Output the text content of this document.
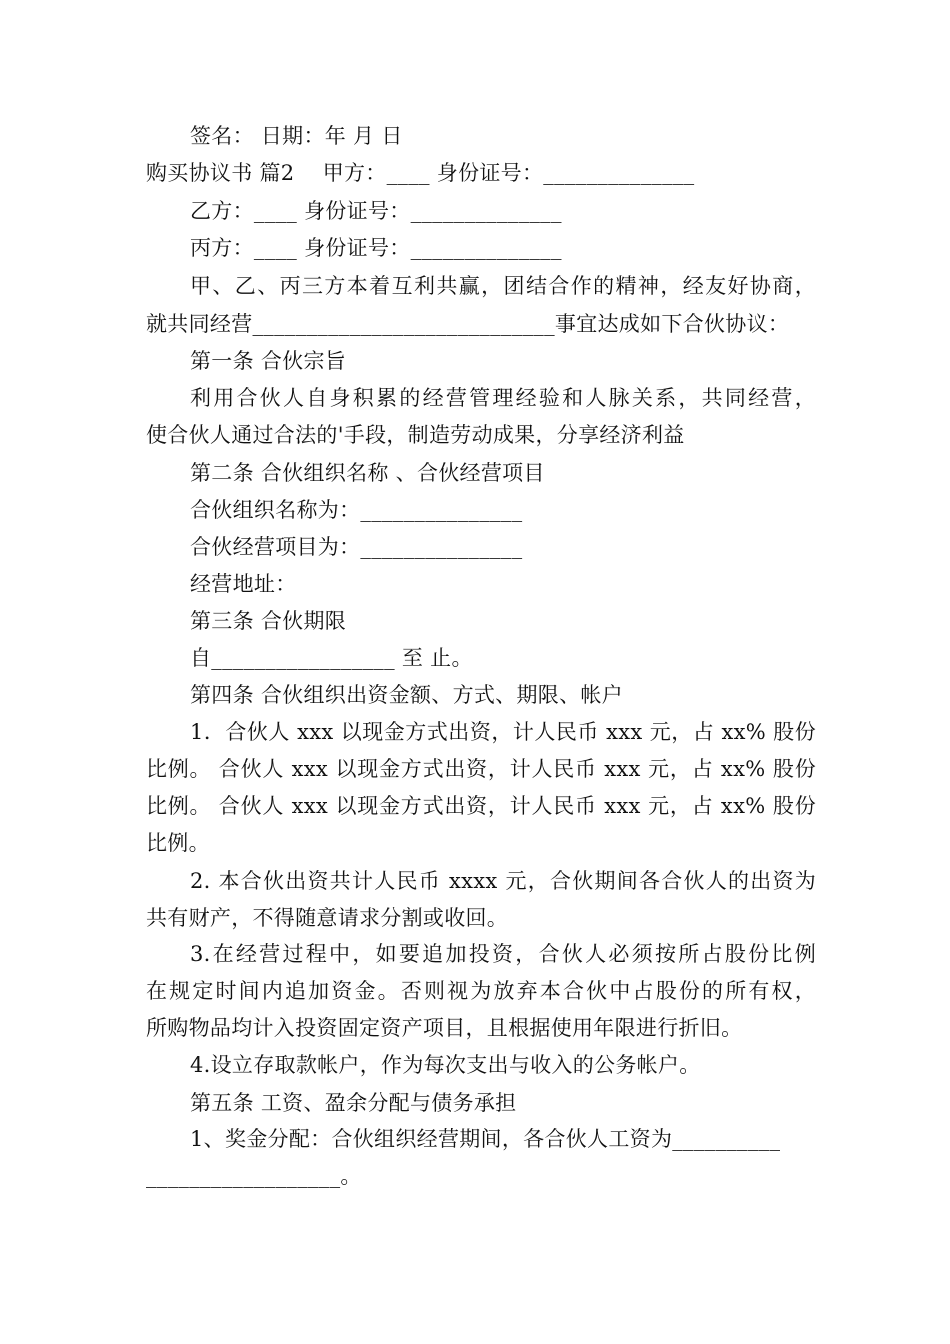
签名： 日期：年 月 日
购买协议书 篇2 　甲方：____ 身份证号：______________
乙方：____ 身份证号：______________
丙方：____ 身份证号：______________
甲、乙、丙三方本着互利共赢，团结合作的精神，经友好协商，
就共同经营____________________________事宜达成如下合伙协议：
第一条 合伙宗旨
利用合伙人自身积累的经营管理经验和人脉关系，共同经营，
使合伙人通过合法的'手段，制造劳动成果，分享经济利益
第二条 合伙组织名称 、合伙经营项目
合伙组织名称为：_______________
合伙经营项目为：_______________
经营地址：
第三条 合伙期限
自_________________ 至 止。
第四条 合伙组织出资金额、方式、期限、帐户
1．合伙人 xxx 以现金方式出资，计人民币 xxx 元，占 xx% 股份
比例。 合伙人 xxx 以现金方式出资，计人民币 xxx 元，占 xx% 股份
比例。 合伙人 xxx 以现金方式出资，计人民币 xxx 元，占 xx% 股份
比例。
2. 本合伙出资共计人民币 xxxx 元，合伙期间各合伙人的出资为
共有财产，不得随意请求分割或收回。
3.在经营过程中，如要追加投资，合伙人必须按所占股份比例
在规定时间内追加资金。否则视为放弃本合伙中占股份的所有权，
所购物品均计入投资固定资产项目，且根据使用年限进行折旧。
4.设立存取款帐户，作为每次支出与收入的公务帐户。
第五条 工资、盈余分配与债务承担
1、奖金分配：合伙组织经营期间，各合伙人工资为__________
__________________。
